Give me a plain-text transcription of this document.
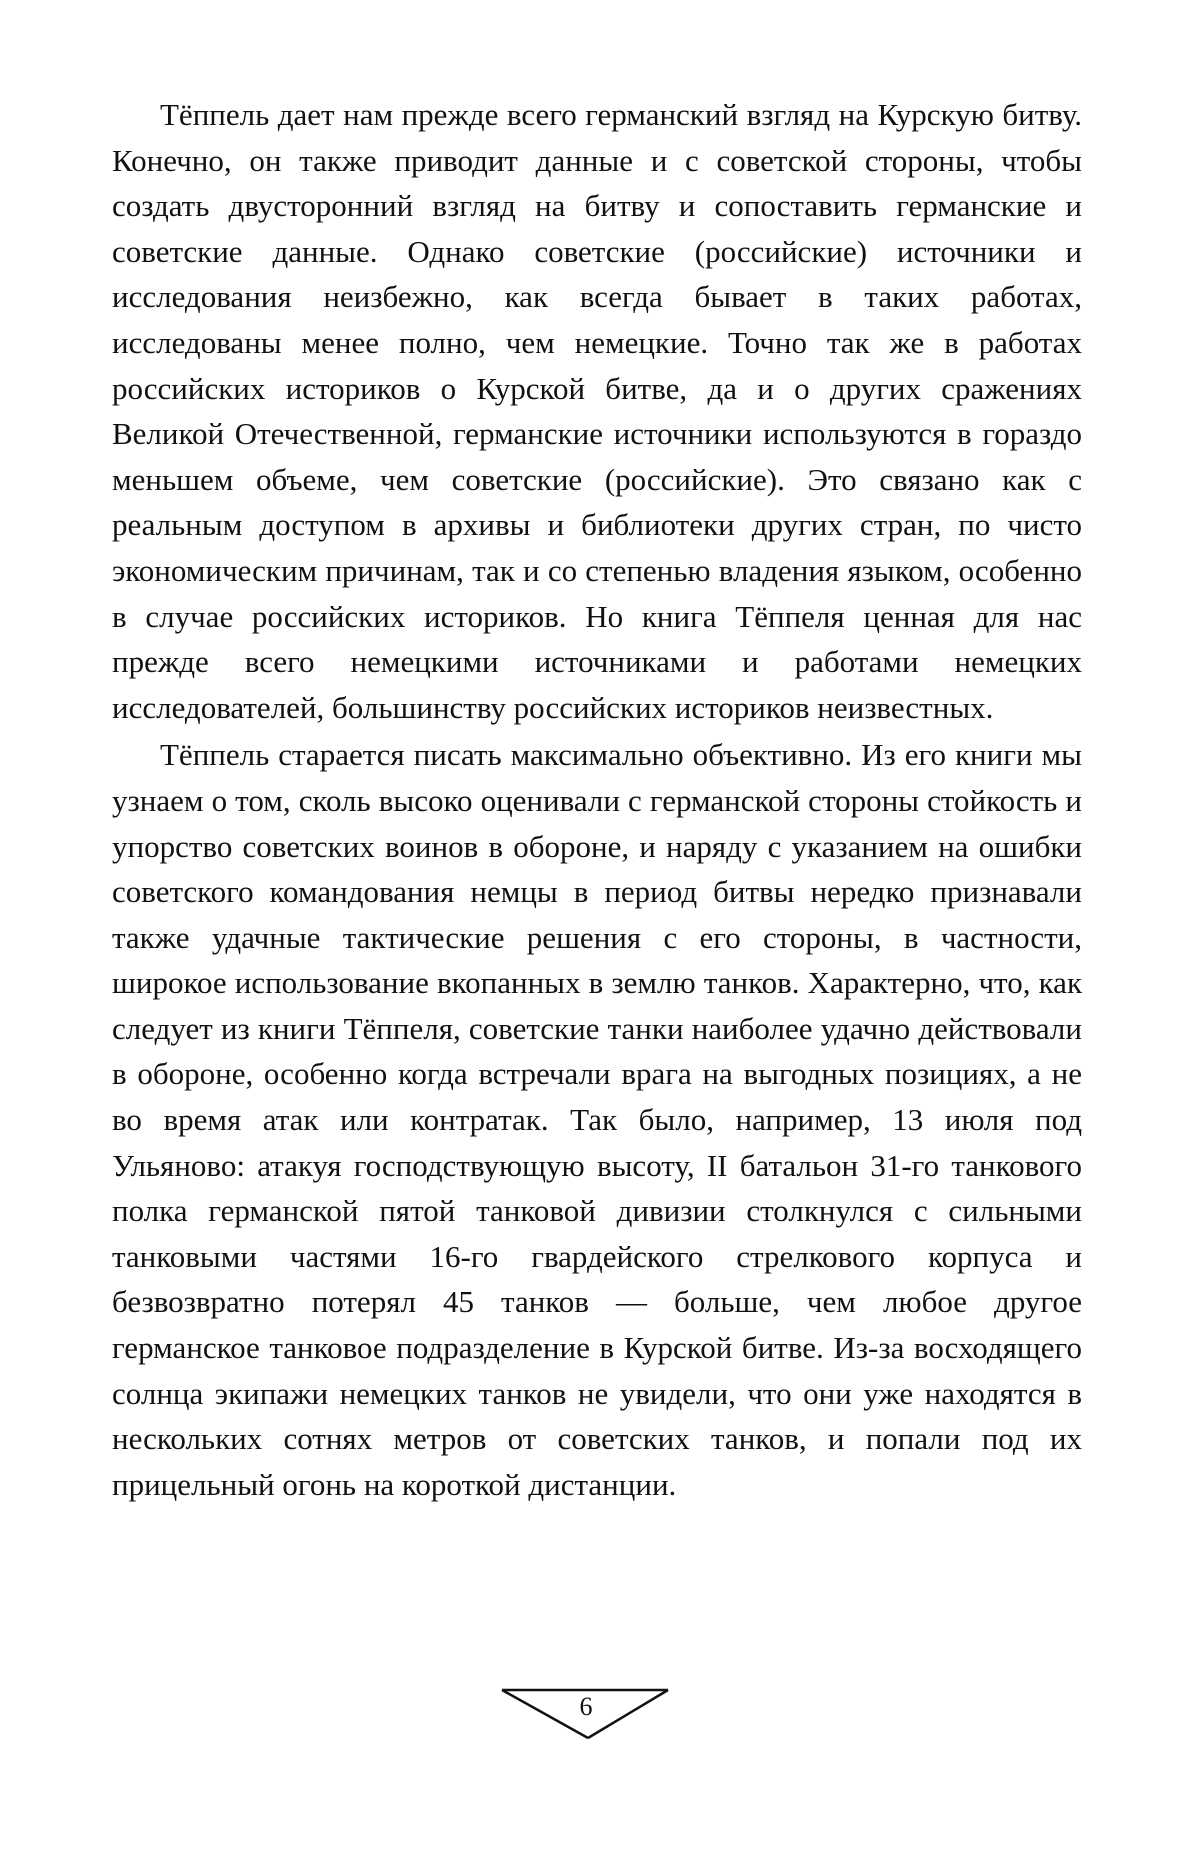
Тёппель дает нам прежде всего германский взгляд на Курскую битву. Конечно, он также приводит данные и с советской стороны, чтобы создать двусторонний взгляд на битву и сопоставить германские и советские данные. Однако советские (российские) источники и исследования неизбежно, как всегда бывает в таких работах, исследованы менее полно, чем немецкие. Точно так же в работах российских историков о Курской битве, да и о других сражениях Великой Отечественной, германские источники используются в гораздо меньшем объеме, чем советские (российские). Это связано как с реальным доступом в архивы и библиотеки других стран, по чисто экономическим причинам, так и со степенью владения языком, особенно в случае российских историков. Но книга Тёппеля ценная для нас прежде всего немецкими источниками и работами немецких исследователей, большинству российских историков неизвестных.

Тёппель старается писать максимально объективно. Из его книги мы узнаем о том, сколь высоко оценивали с германской стороны стойкость и упорство советских воинов в обороне, и наряду с указанием на ошибки советского командования немцы в период битвы нередко признавали также удачные тактические решения с его стороны, в частности, широкое использование вкопанных в землю танков. Характерно, что, как следует из книги Тёппеля, советские танки наиболее удачно действовали в обороне, особенно когда встречали врага на выгодных позициях, а не во время атак или контратак. Так было, например, 13 июля под Ульяново: атакуя господствующую высоту, II батальон 31-го танкового полка германской пятой танковой дивизии столкнулся с сильными танковыми частями 16-го гвардейского стрелкового корпуса и безвозвратно потерял 45 танков — больше, чем любое другое германское танковое подразделение в Курской битве. Из-за восходящего солнца экипажи немецких танков не увидели, что они уже находятся в нескольких сотнях метров от советских танков, и попали под их прицельный огонь на короткой дистанции.

6
